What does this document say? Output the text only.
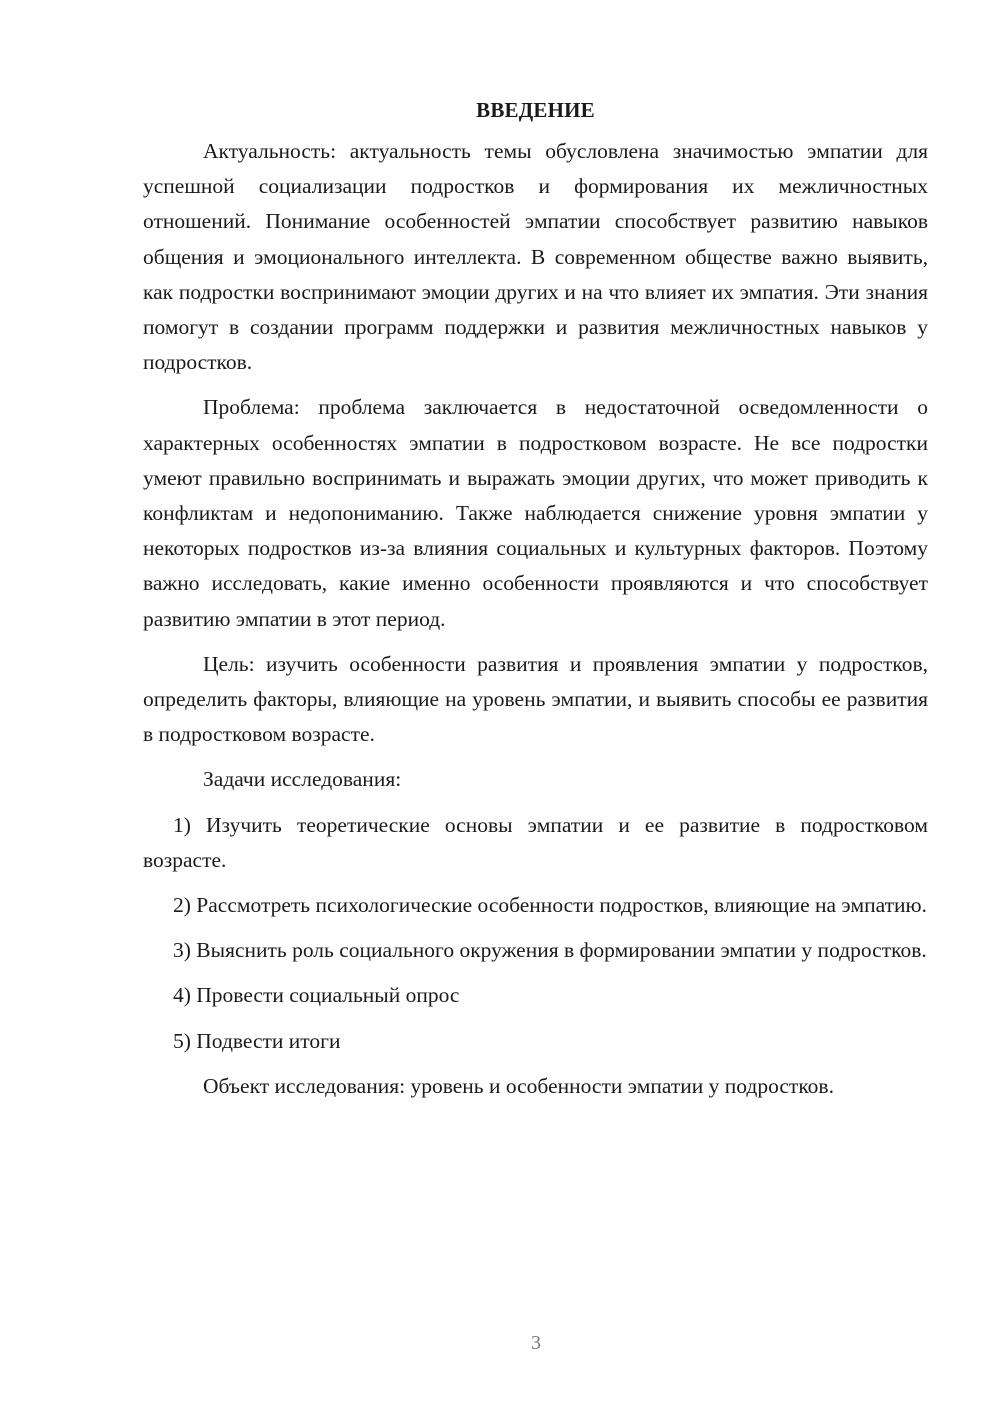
ВВЕДЕНИЕ

Актуальность: актуальность темы обусловлена значимостью эмпатии для успешной социализации подростков и формирования их межличностных отношений. Понимание особенностей эмпатии способствует развитию навыков общения и эмоционального интеллекта. В современном обществе важно выявить, как подростки воспринимают эмоции других и на что влияет их эмпатия. Эти знания помогут в создании программ поддержки и развития межличностных навыков у подростков.

Проблема: проблема заключается в недостаточной осведомленности о характерных особенностях эмпатии в подростковом возрасте. Не все подростки умеют правильно воспринимать и выражать эмоции других, что может приводить к конфликтам и недопониманию. Также наблюдается снижение уровня эмпатии у некоторых подростков из-за влияния социальных и культурных факторов. Поэтому важно исследовать, какие именно особенности проявляются и что способствует развитию эмпатии в этот период.

Цель: изучить особенности развития и проявления эмпатии у подростков, определить факторы, влияющие на уровень эмпатии, и выявить способы ее развития в подростковом возрасте.

Задачи исследования:

1) Изучить теоретические основы эмпатии и ее развитие в подростковом возрасте.

2) Рассмотреть психологические особенности подростков, влияющие на эмпатию.

3) Выяснить роль социального окружения в формировании эмпатии у подростков.

4) Провести социальный опрос

5) Подвести итоги

Объект исследования: уровень и особенности эмпатии у подростков.

3
